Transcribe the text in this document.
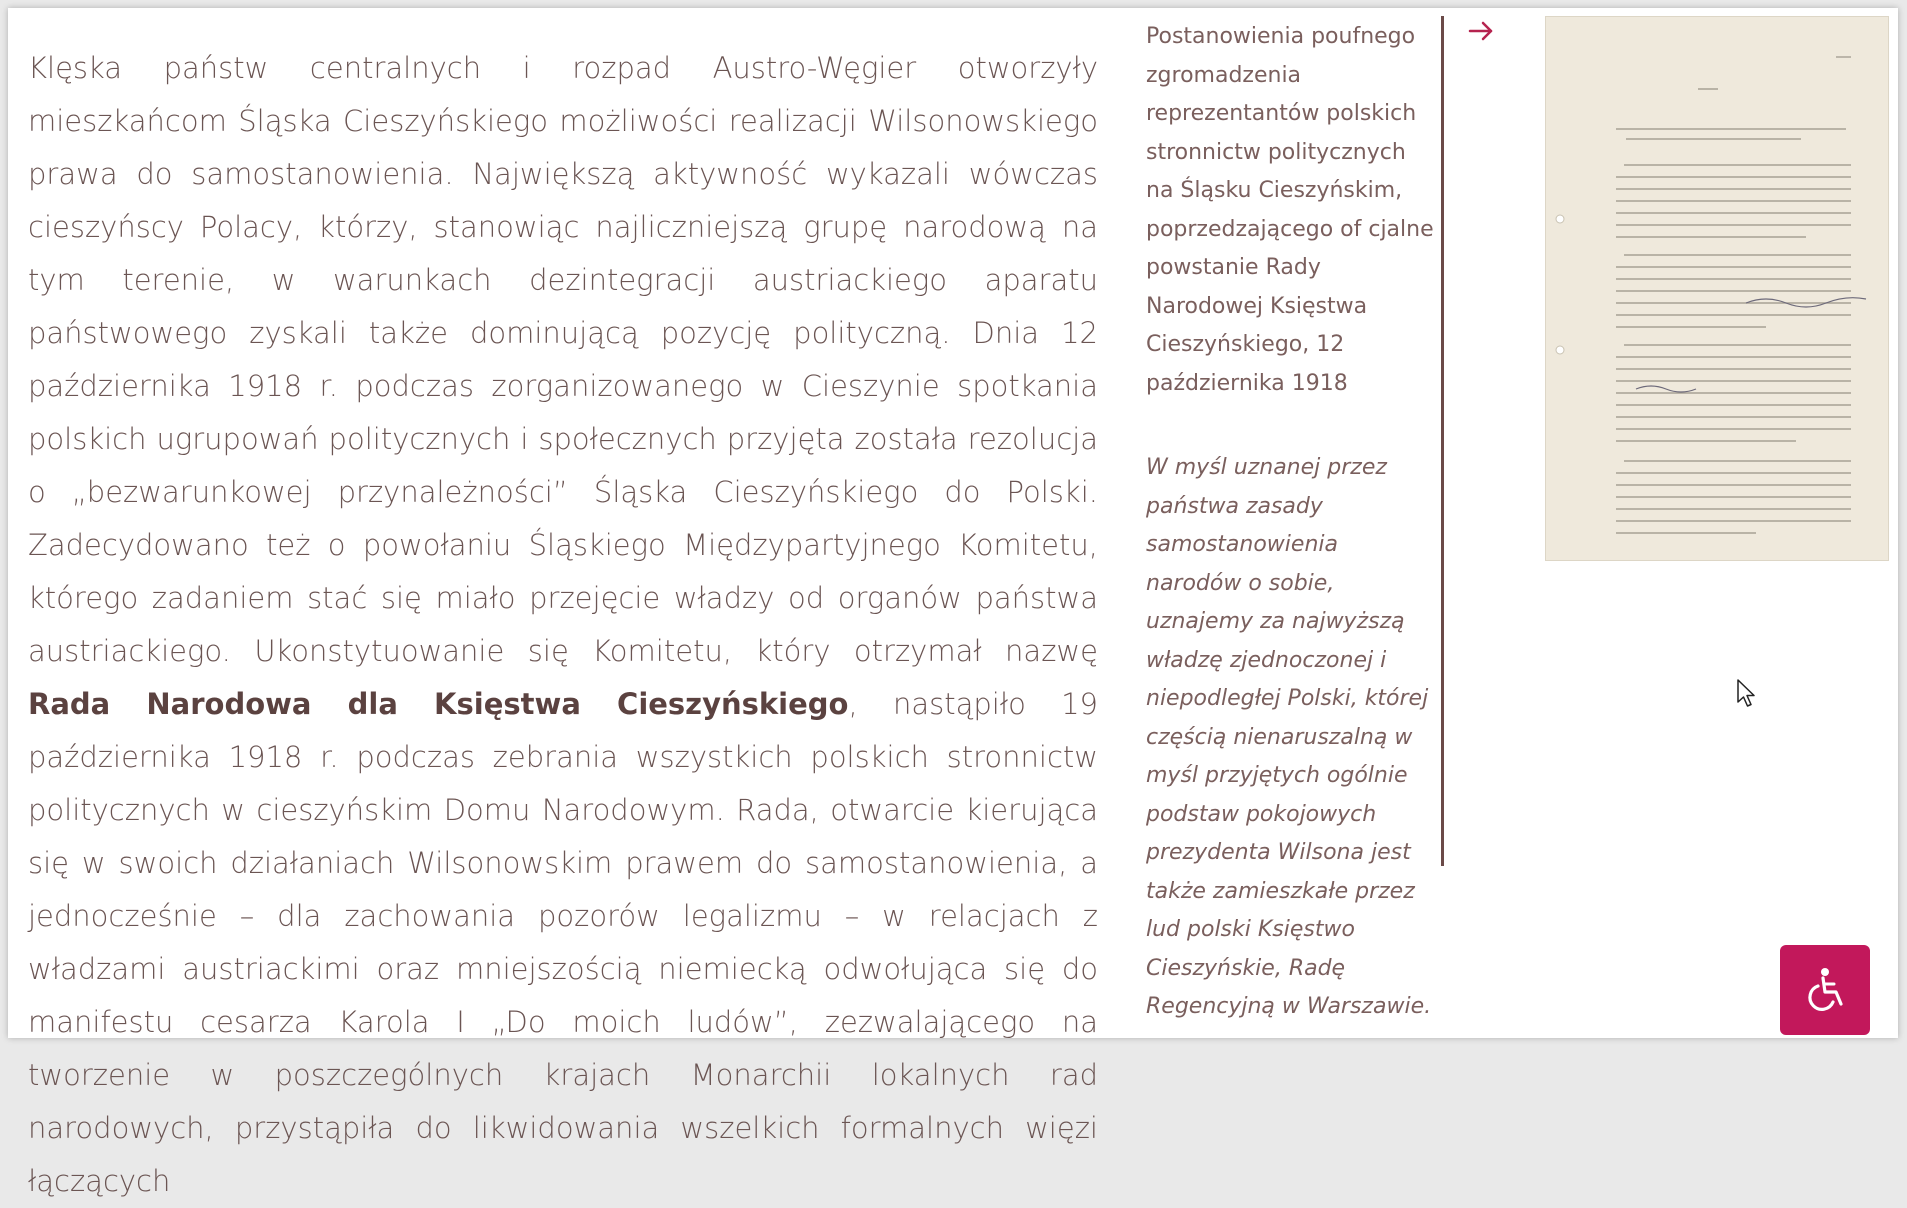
Klęska państw centralnych i rozpad Austro-Węgier otworzyły mieszkańcom Śląska Cieszyńskiego możliwości realizacji Wilsonowskiego prawa do samostanowienia. Największą aktywność wykazali wówczas cieszyńscy Polacy, którzy, stanowiąc najliczniejszą grupę narodową na tym terenie, w warunkach dezintegracji austriackiego aparatu państwowego zyskali także dominującą pozycję polityczną. Dnia 12 października 1918 r. podczas zorganizowanego w Cieszynie spotkania polskich ugrupowań politycznych i społecznych przyjęta została rezolucja o „bezwarunkowej przynależności” Śląska Cieszyńskiego do Polski. Zadecydowano też o powołaniu Śląskiego Międzypartyjnego Komitetu, którego zadaniem stać się miało przejęcie władzy od organów państwa austriackiego. Ukonstytuowanie się Komitetu, który otrzymał nazwę Rada Narodowa dla Księstwa Cieszyńskiego, nastąpiło 19 października 1918 r. podczas zebrania wszystkich polskich stronnictw politycznych w cieszyńskim Domu Narodowym. Rada, otwarcie kierująca się w swoich działaniach Wilsonowskim prawem do samostanowienia, a jednocześnie – dla zachowania pozorów legalizmu – w relacjach z władzami austriackimi oraz mniejszością niemiecką odwołująca się do manifestu cesarza Karola I „Do moich ludów”, zezwalającego na tworzenie w poszczególnych krajach Monarchii lokalnych rad narodowych, przystąpiła do likwidowania wszelkich formalnych więzi łączących

Postanowienia poufnego zgromadzenia reprezentantów polskich stronnictw politycznych na Śląsku Cieszyńskim, poprzedzającego of cjalne powstanie Rady Narodowej Księstwa Cieszyńskiego, 12 października 1918

W myśl uznanej przez państwa zasady samostanowienia narodów o sobie, uznajemy za najwyższą władzę zjednoczonej i niepodległej Polski, której częścią nienaruszalną w myśl przyjętych ogólnie podstaw pokojowych prezydenta Wilsona jest także zamieszkałe przez lud polski Księstwo Cieszyńskie, Radę Regencyjną w Warszawie.
